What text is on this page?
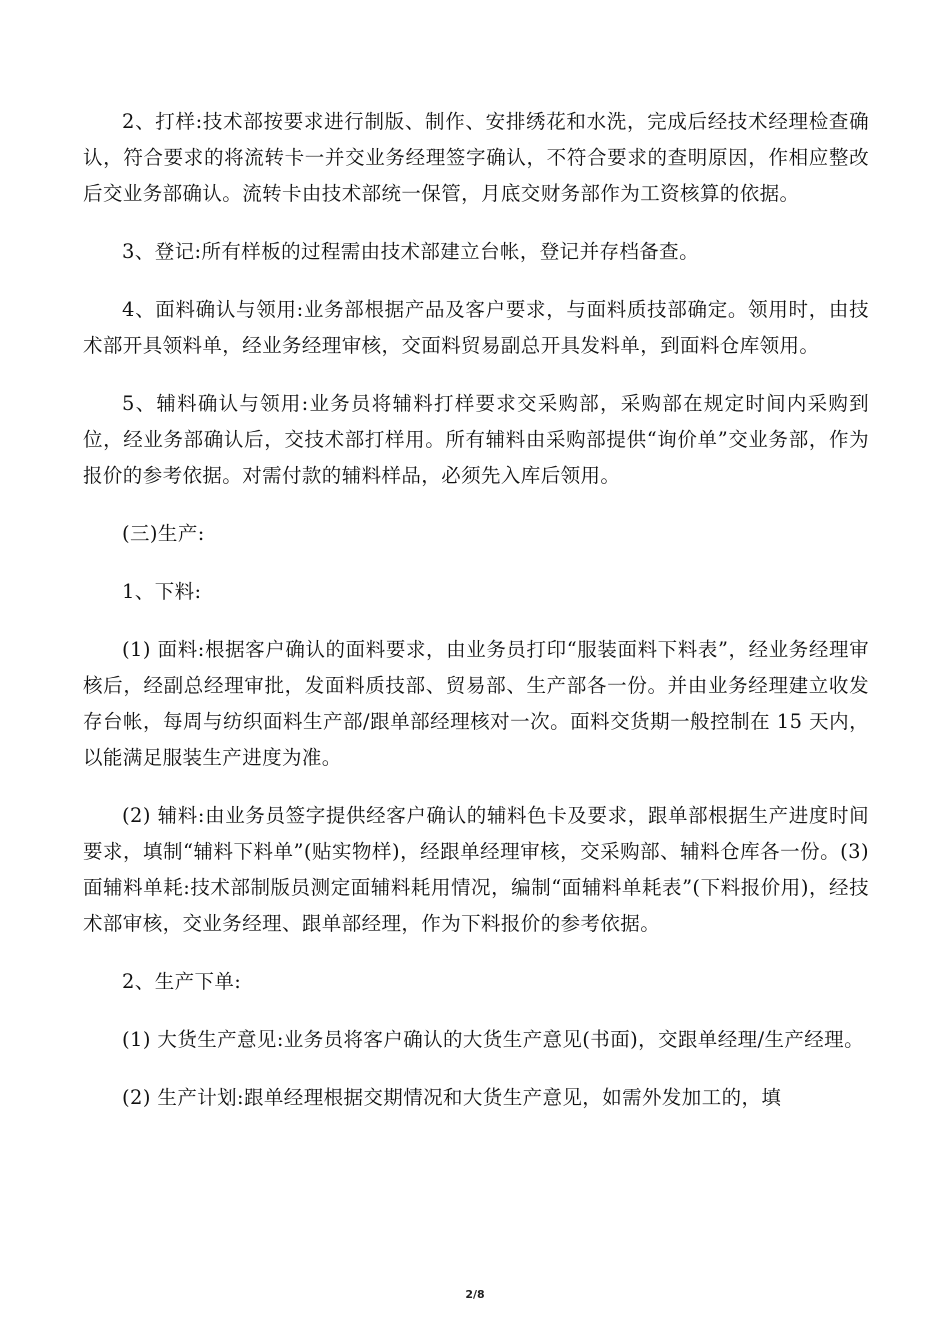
2、打样:技术部按要求进行制版、制作、安排绣花和水洗，完成后经技术经理检查确认，符合要求的将流转卡一并交业务经理签字确认，不符合要求的查明原因，作相应整改后交业务部确认。流转卡由技术部统一保管，月底交财务部作为工资核算的依据。

3、登记:所有样板的过程需由技术部建立台帐，登记并存档备查。

4、面料确认与领用:业务部根据产品及客户要求，与面料质技部确定。领用时，由技术部开具领料单，经业务经理审核，交面料贸易副总开具发料单，到面料仓库领用。

5、辅料确认与领用:业务员将辅料打样要求交采购部，采购部在规定时间内采购到位，经业务部确认后，交技术部打样用。所有辅料由采购部提供“询价单”交业务部，作为报价的参考依据。对需付款的辅料样品，必须先入库后领用。

(三)生产:

1、下料:

(1) 面料:根据客户确认的面料要求，由业务员打印“服装面料下料表”，经业务经理审核后，经副总经理审批，发面料质技部、贸易部、生产部各一份。并由业务经理建立收发存台帐，每周与纺织面料生产部/跟单部经理核对一次。面料交货期一般控制在 15 天内，以能满足服装生产进度为准。

(2) 辅料:由业务员签字提供经客户确认的辅料色卡及要求，跟单部根据生产进度时间要求，填制“辅料下料单”(贴实物样)，经跟单经理审核，交采购部、辅料仓库各一份。(3)面辅料单耗:技术部制版员测定面辅料耗用情况，编制“面辅料单耗表”(下料报价用)，经技术部审核，交业务经理、跟单部经理，作为下料报价的参考依据。

2、生产下单:

(1) 大货生产意见:业务员将客户确认的大货生产意见(书面)，交跟单经理/生产经理。

(2) 生产计划:跟单经理根据交期情况和大货生产意见，如需外发加工的，填

2/8
